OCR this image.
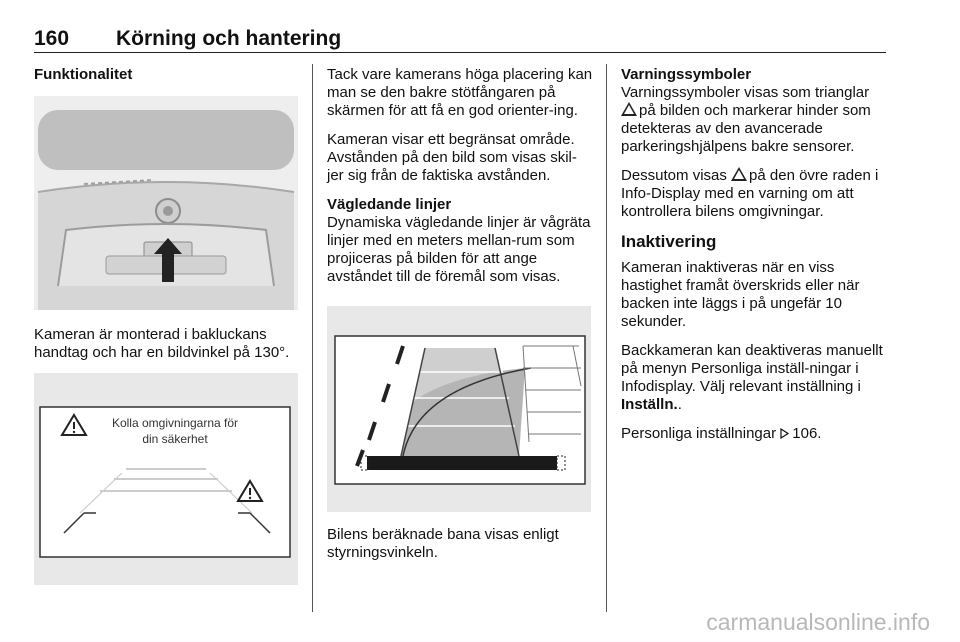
160 Körning och hantering
Funktionalitet

Kameran är monterad i bakluckans handtag och har en bildvinkel på 130°.

Kolla omgivningarna för
din säkerhet

Tack vare kamerans höga placering kan man se den bakre stötfångaren på skärmen för att få en god orienter-ing.

Kameran visar ett begränsat område. Avstånden på den bild som visas skil-jer sig från de faktiska avstånden.

Vägledande linjer

Dynamiska vägledande linjer är vågräta linjer med en meters mellan-rum som projiceras på bilden för att ange avståndet till de föremål som visas.

Bilens beräknade bana visas enligt styrningsvinkeln.

Varningssymboler

Varningssymboler visas som trianglar på bilden och markerar hinder som detekteras av den avancerade parkeringshjälpens bakre sensorer.

Dessutom visas på den övre raden i Info-Display med en varning om att kontrollera bilens omgivningar.

Inaktivering

Kameran inaktiveras när en viss hastighet framåt överskrids eller när backen inte läggs i på ungefär 10 sekunder.

Backkameran kan deaktiveras manuellt på menyn Personliga inställ-ningar i Infodisplay. Välj relevant inställning i Inställn..

Personliga inställningar 106.

carmanualsonline.info
